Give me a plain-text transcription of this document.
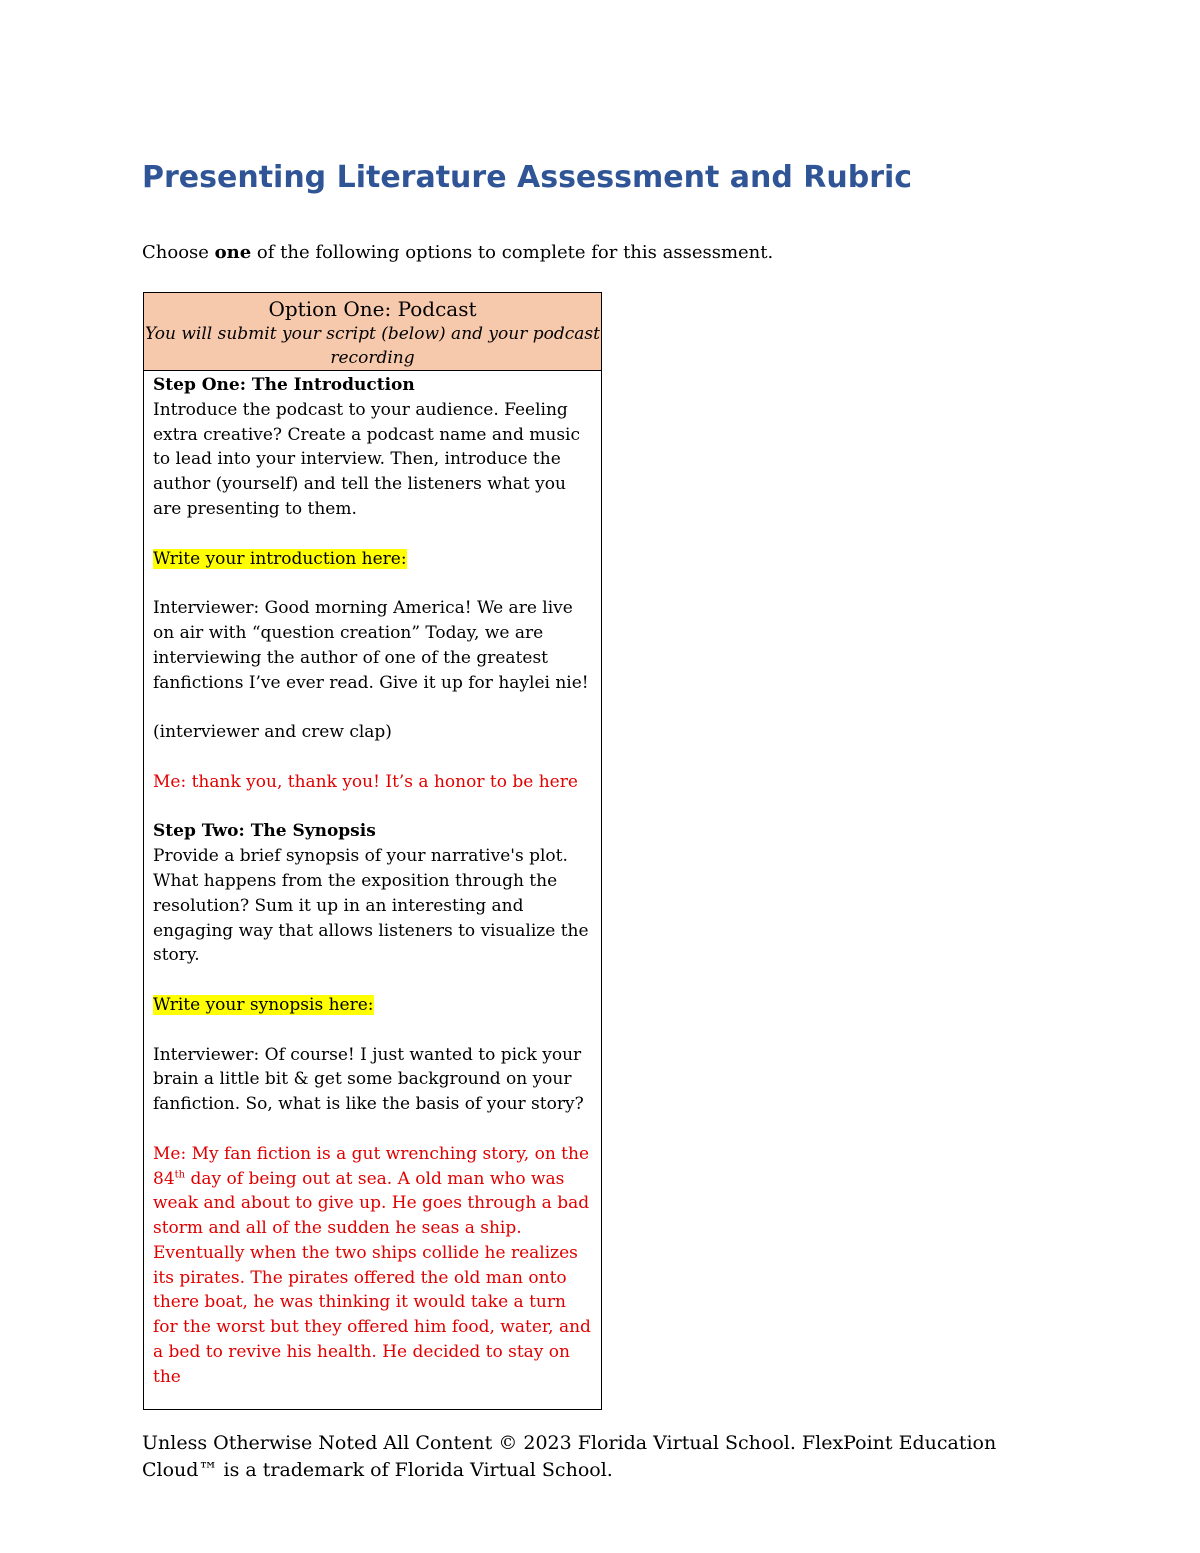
Presenting Literature Assessment and Rubric
Choose one of the following options to complete for this assessment.
Option One: Podcast
You will submit your script (below) and your podcast recording

Step One: The Introduction
Introduce the podcast to your audience. Feeling extra creative? Create a podcast name and music to lead into your interview. Then, introduce the author (yourself) and tell the listeners what you are presenting to them.

Write your introduction here:

Interviewer: Good morning America! We are live on air with “question creation” Today, we are interviewing the author of one of the greatest fanfictions I’ve ever read. Give it up for haylei nie!

(interviewer and crew clap)

Me: thank you, thank you! It’s a honor to be here

Step Two: The Synopsis
Provide a brief synopsis of your narrative's plot. What happens from the exposition through the resolution? Sum it up in an interesting and engaging way that allows listeners to visualize the story.

Write your synopsis here:

Interviewer: Of course! I just wanted to pick your brain a little bit & get some background on your fanfiction. So, what is like the basis of your story?

Me: My fan fiction is a gut wrenching story, on the 84th day of being out at sea. A old man who was weak and about to give up. He goes through a bad storm and all of the sudden he seas a ship. Eventually when the two ships collide he realizes its pirates. The pirates offered the old man onto there boat, he was thinking it would take a turn for the worst but they offered him food, water, and a bed to revive his health. He decided to stay on the

Unless Otherwise Noted All Content © 2023 Florida Virtual School. FlexPoint Education Cloud™ is a trademark of Florida Virtual School.
